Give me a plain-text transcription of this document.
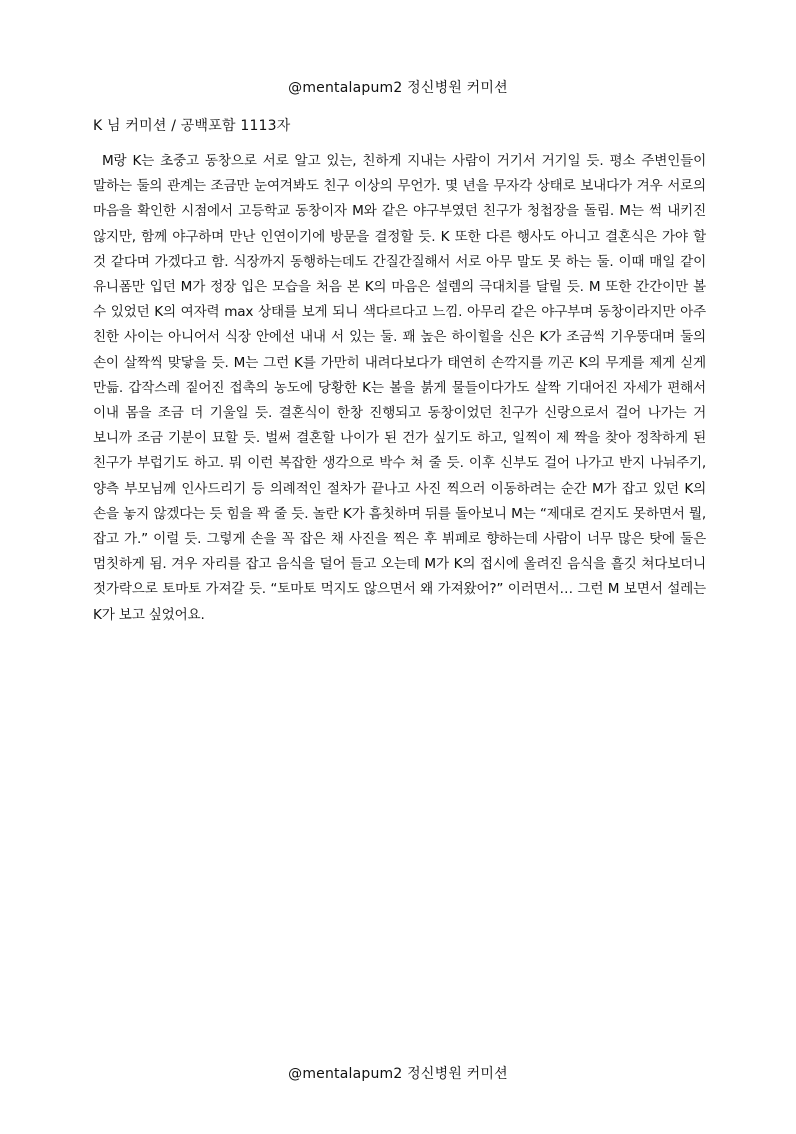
@mentalapum2 정신병원 커미션
K 님 커미션 / 공백포함 1113자

M랑 K는 초중고 동창으로 서로 알고 있는, 친하게 지내는 사람이 거기서 거기일 듯. 평소 주변인들이 말하는 둘의 관계는 조금만 눈여겨봐도 친구 이상의 무언가. 몇 년을 무자각 상태로 보내다가 겨우 서로의 마음을 확인한 시점에서 고등학교 동창이자 M와 같은 야구부였던 친구가 청첩장을 돌림. M는 썩 내키진 않지만, 함께 야구하며 만난 인연이기에 방문을 결정할 듯. K 또한 다른 행사도 아니고 결혼식은 가야 할 것 같다며 가겠다고 함. 식장까지 동행하는데도 간질간질해서 서로 아무 말도 못 하는 둘. 이때 매일 같이 유니폼만 입던 M가 정장 입은 모습을 처음 본 K의 마음은 설렘의 극대치를 달릴 듯. M 또한 간간이만 볼 수 있었던 K의 여자력 max 상태를 보게 되니 색다르다고 느낌. 아무리 같은 야구부며 동창이라지만 아주 친한 사이는 아니어서 식장 안에선 내내 서 있는 둘. 꽤 높은 하이힐을 신은 K가 조금씩 기우뚱대며 둘의 손이 살짝씩 맞닿을 듯. M는 그런 K를 가만히 내려다보다가 태연히 손깍지를 끼곤 K의 무게를 제게 싣게 만듦. 갑작스레 짙어진 접촉의 농도에 당황한 K는 볼을 붉게 물들이다가도 살짝 기대어진 자세가 편해서 이내 몸을 조금 더 기울일 듯. 결혼식이 한창 진행되고 동창이었던 친구가 신랑으로서 걸어 나가는 거 보니까 조금 기분이 묘할 듯. 벌써 결혼할 나이가 된 건가 싶기도 하고, 일찍이 제 짝을 찾아 정착하게 된 친구가 부럽기도 하고. 뭐 이런 복잡한 생각으로 박수 쳐 줄 듯. 이후 신부도 걸어 나가고 반지 나눠주기, 양측 부모님께 인사드리기 등 의례적인 절차가 끝나고 사진 찍으러 이동하려는 순간 M가 잡고 있던 K의 손을 놓지 않겠다는 듯 힘을 꽉 줄 듯. 놀란 K가 흠칫하며 뒤를 돌아보니 M는 “제대로 걷지도 못하면서 뭘, 잡고 가.” 이럴 듯. 그렇게 손을 꼭 잡은 채 사진을 찍은 후 뷔페로 향하는데 사람이 너무 많은 탓에 둘은 멈칫하게 됨. 겨우 자리를 잡고 음식을 덜어 들고 오는데 M가 K의 접시에 올려진 음식을 흘깃 쳐다보더니 젓가락으로 토마토 가져갈 듯. “토마토 먹지도 않으면서 왜 가져왔어?” 이러면서… 그런 M 보면서 설레는 K가 보고 싶었어요.

@mentalapum2 정신병원 커미션
